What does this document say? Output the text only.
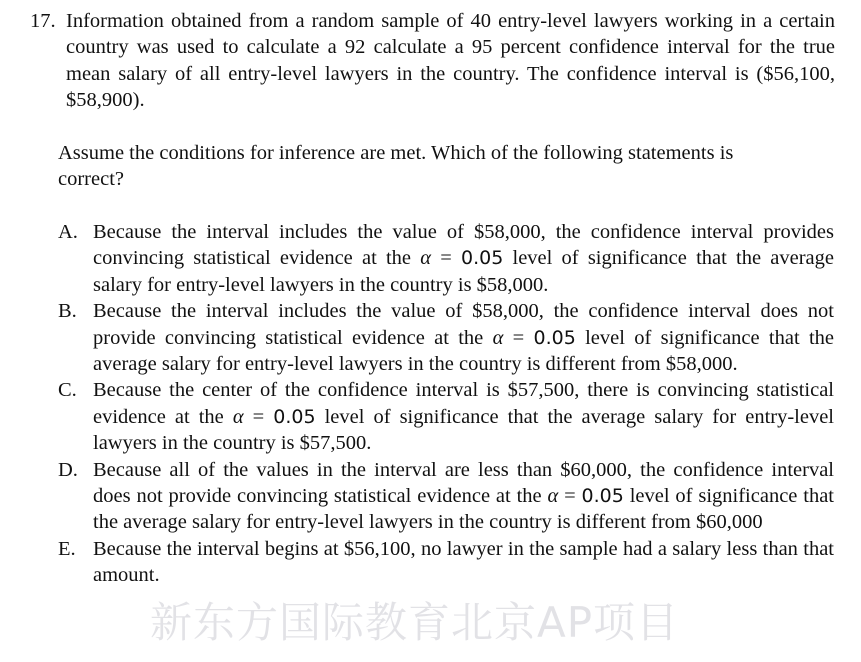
17. Information obtained from a random sample of 40 entry-level lawyers working in a certain country was used to calculate a 92 calculate a 95 percent confidence interval for the true mean salary of all entry-level lawyers in the country. The confidence interval is ($56,100, $58,900).
Assume the conditions for inference are met. Which of the following statements is correct?
A. Because the interval includes the value of $58,000, the confidence interval provides convincing statistical evidence at the α = 0.05 level of significance that the average salary for entry-level lawyers in the country is $58,000.
B. Because the interval includes the value of $58,000, the confidence interval does not provide convincing statistical evidence at the α = 0.05 level of significance that the average salary for entry-level lawyers in the country is different from $58,000.
C. Because the center of the confidence interval is $57,500, there is convincing statistical evidence at the α = 0.05 level of significance that the average salary for entry-level lawyers in the country is $57,500.
D. Because all of the values in the interval are less than $60,000, the confidence interval does not provide convincing statistical evidence at the α = 0.05 level of significance that the average salary for entry-level lawyers in the country is different from $60,000
E. Because the interval begins at $56,100, no lawyer in the sample had a salary less than that amount.
新东方国际教育北京AP项目
